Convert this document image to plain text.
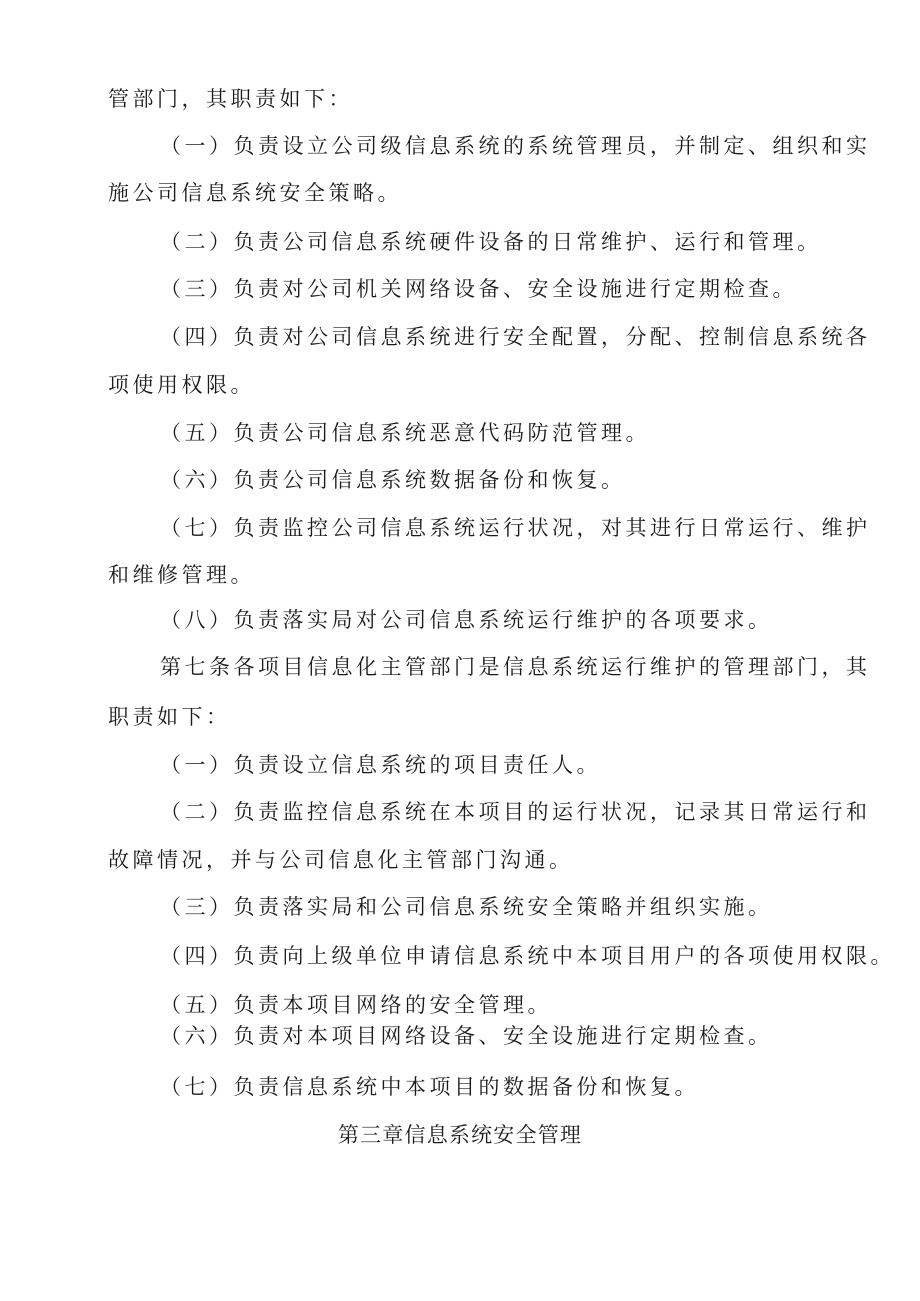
管部门，其职责如下：
（一）负责设立公司级信息系统的系统管理员，并制定、组织和实
施公司信息系统安全策略。
（二）负责公司信息系统硬件设备的日常维护、运行和管理。
（三）负责对公司机关网络设备、安全设施进行定期检查。
（四）负责对公司信息系统进行安全配置，分配、控制信息系统各
项使用权限。
（五）负责公司信息系统恶意代码防范管理。
（六）负责公司信息系统数据备份和恢复。
（七）负责监控公司信息系统运行状况，对其进行日常运行、维护
和维修管理。
（八）负责落实局对公司信息系统运行维护的各项要求。
第七条各项目信息化主管部门是信息系统运行维护的管理部门，其
职责如下：
（一）负责设立信息系统的项目责任人。
（二）负责监控信息系统在本项目的运行状况，记录其日常运行和
故障情况，并与公司信息化主管部门沟通。
（三）负责落实局和公司信息系统安全策略并组织实施。
（四）负责向上级单位申请信息系统中本项目用户的各项使用权限。
（五）负责本项目网络的安全管理。
（六）负责对本项目网络设备、安全设施进行定期检查。
（七）负责信息系统中本项目的数据备份和恢复。
第三章信息系统安全管理
